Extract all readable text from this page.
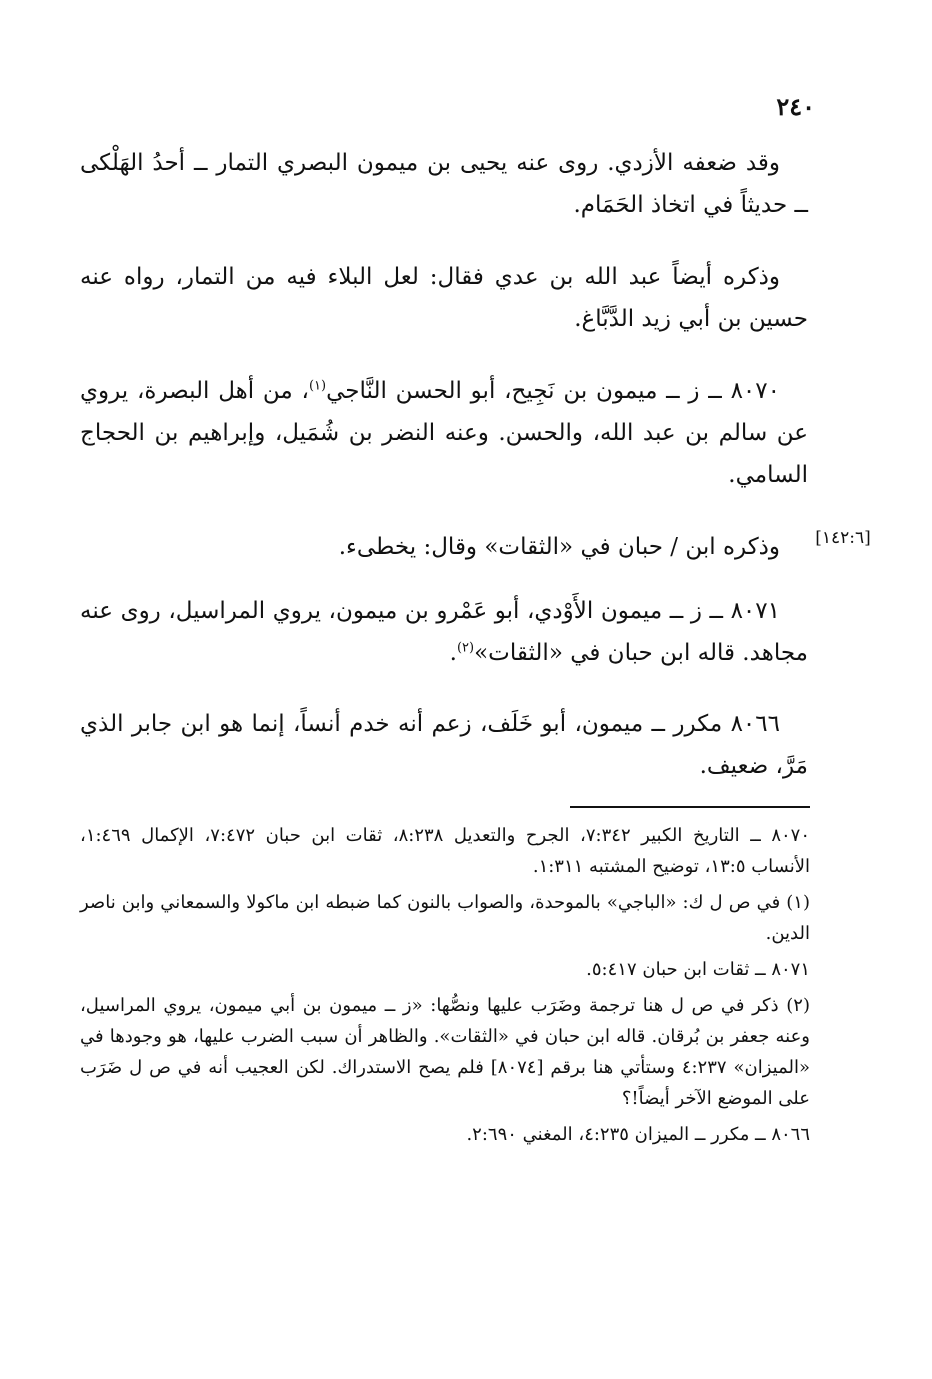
٢٤٠

وقد ضعفه الأزدي. روى عنه يحيى بن ميمون البصري التمار ــ أحدُ الهَلْكى ــ حديثاً في اتخاذ الحَمَام.

وذكره أيضاً عبد الله بن عدي فقال: لعل البلاء فيه من التمار، رواه عنه حسين بن أبي زيد الدَّبَّاغ.

٨٠٧٠ ــ ز ــ ميمون بن نَجِيح، أبو الحسن النَّاجي$^{(١)}$، من أهل البصرة، يروي عن سالم بن عبد الله، والحسن. وعنه النضر بن شُمَيل، وإبراهيم بن الحجاج السامي.

[١٤٢:٦]

وذكره ابن / حبان في «الثقات» وقال: يخطىء.

٨٠٧١ ــ ز ــ ميمون الأَوْدي، أبو عَمْرو بن ميمون، يروي المراسيل، روى عنه مجاهد. قاله ابن حبان في «الثقات»$^{(٢)}$.

٨٠٦٦ مكرر ــ ميمون، أبو خَلَف، زعم أنه خدم أنساً، إنما هو ابن جابر الذي مَرَّ، ضعيف.

٨٠٧٠ ــ التاريخ الكبير ٧:٣٤٢، الجرح والتعديل ٨:٢٣٨، ثقات ابن حبان ٧:٤٧٢، الإكمال ١:٤٦٩، الأنساب ١٣:٥، توضيح المشتبه ١:٣١١.

(١) في ص ل ك: «الباجي» بالموحدة، والصواب بالنون كما ضبطه ابن ماكولا والسمعاني وابن ناصر الدين.

٨٠٧١ ــ ثقات ابن حبان ٥:٤١٧.

(٢) ذكر في ص ل هنا ترجمة وضَرَب عليها ونصُّها: «ز ــ ميمون بن أبي ميمون، يروي المراسيل، وعنه جعفر بن بُرقان. قاله ابن حبان في «الثقات». والظاهر أن سبب الضرب عليها، هو وجودها في «الميزان» ٤:٢٣٧ وستأتي هنا برقم [٨٠٧٤] فلم يصح الاستدراك. لكن العجيب أنه في ص ل ضَرَب على الموضع الآخر أيضاً!؟

٨٠٦٦ ــ مكرر ــ الميزان ٤:٢٣٥، المغني ٢:٦٩٠.
